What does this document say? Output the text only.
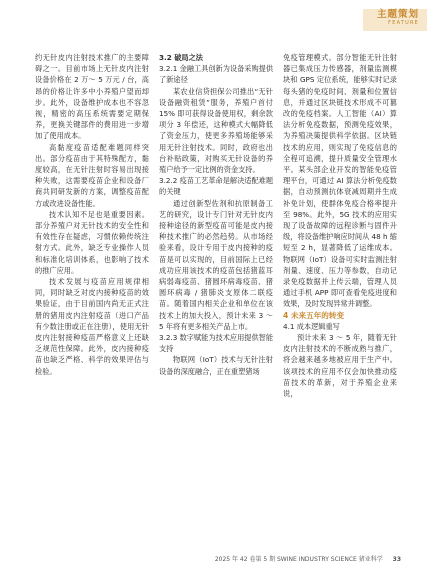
主题策划
FEATURE

约无针皮内注射技术推广的主要障碍之一。目前市场上无针皮内注射设备价格在 2 万～ 5 万元 / 台，高昂的价格让许多中小养殖户望而却步。此外，设备维护成本也不容忽视，精密的高压系统需要定期保养，更换关键部件的费用进一步增加了使用成本。

高黏度疫苗适配难题同样突出。部分疫苗由于其特殊配方，黏度较高，在无针注射时容易出现接种失败，这需要疫苗企业和设备厂商共同研发新的方案，调整疫苗配方或改进设备性能。

技术认知不足也是重要因素。部分养殖户对无针技术的安全性和有效性存在疑虑，习惯依赖传统注射方式。此外，缺乏专业操作人员和标准化培训体系，也影响了技术的推广应用。

技术发展与疫苗应用规律相同，同时缺乏对皮内接种疫苗的效果验证，由于目前国内尚无正式注册的猪用皮内注射疫苗（进口产品有少数注册或正在注册），使用无针皮内注射接种疫苗严格意义上还缺乏规范性保障。此外，皮内接种疫苗也缺乏严格、科学的效果评估与检验。

3.2 破局之法

3.2.1 金融工具创新为设备采购提供了新途径

某农业信贷担保公司推出“无针设备融资租赁”服务，养殖户首付 15% 即可获得设备使用权，剩余款项分 3 年偿还，这种模式大幅降低了资金压力，使更多养殖场能够采用无针注射技术。同时，政府也出台补贴政策，对购买无针设备的养殖户给予一定比例的资金支持。

3.2.2 疫苗工艺革命是解决适配难题的关键

通过创新型佐剂和抗原制备工艺的研究，设计专门针对无针皮内接种途径的新型疫苗可能是皮内接种技术推广的必然趋势。从市场经验来看，设计专用于皮内接种的疫苗是可以实现的，目前国际上已经成功应用该技术的疫苗包括猪蓝耳病弱毒疫苗、猪圆环病毒疫苗、猪圆环病毒 / 猪肺炎支原体二联疫苗。随着国内相关企业和单位在该技术上的加大投入，预计未来 3 ～ 5 年将有更多相关产品上市。

3.2.3 数字赋能为技术应用提供智能支持

物联网（IoT）技术与无针注射设备的深度融合，正在重塑猪场

免疫管理模式。部分智能无针注射器已集成压力传感器，剂量监测模块和 GPS 定位系统，能够实时记录每头猪的免疫时间、剂量和位置信息，并通过区块链技术形成不可篡改的免疫档案。人工智能（AI）算法分析免疫数据，预测免疫效果，为养殖决策提供科学依据。区块链技术的应用，则实现了免疫信息的全程可追溯，提升质量安全管理水平。某头部企业开发的智能免疫管理平台，可通过 AI 算法分析免疫数据，自动预测抗体衰减周期并生成补免计划，使群体免疫合格率提升至 98%。此外，5G 技术的应用实现了设备故障的远程诊断与固件升级，将设备维护响应时间从 48 h 缩短至 2 h，显著降低了运维成本。物联网（IoT）设备可实时监测注射剂量、速度、压力等参数，自动记录免疫数据并上传云端，管理人员通过手机 APP 即可查看免疫进度和效果，及时发现异常并调整。

4 未来五年的转变

4.1 成本逻辑重写

预计未来 3 ～ 5 年，随着无针皮内注射技术的不断成熟与推广，将会越来越多地被应用于生产中。该项技术的应用不仅会加快推动疫苗技术的革新，对于养殖企业来说，

2025 年 42 卷第 5 期 SWINE INDUSTRY SCIENCE 猪业科学 33
